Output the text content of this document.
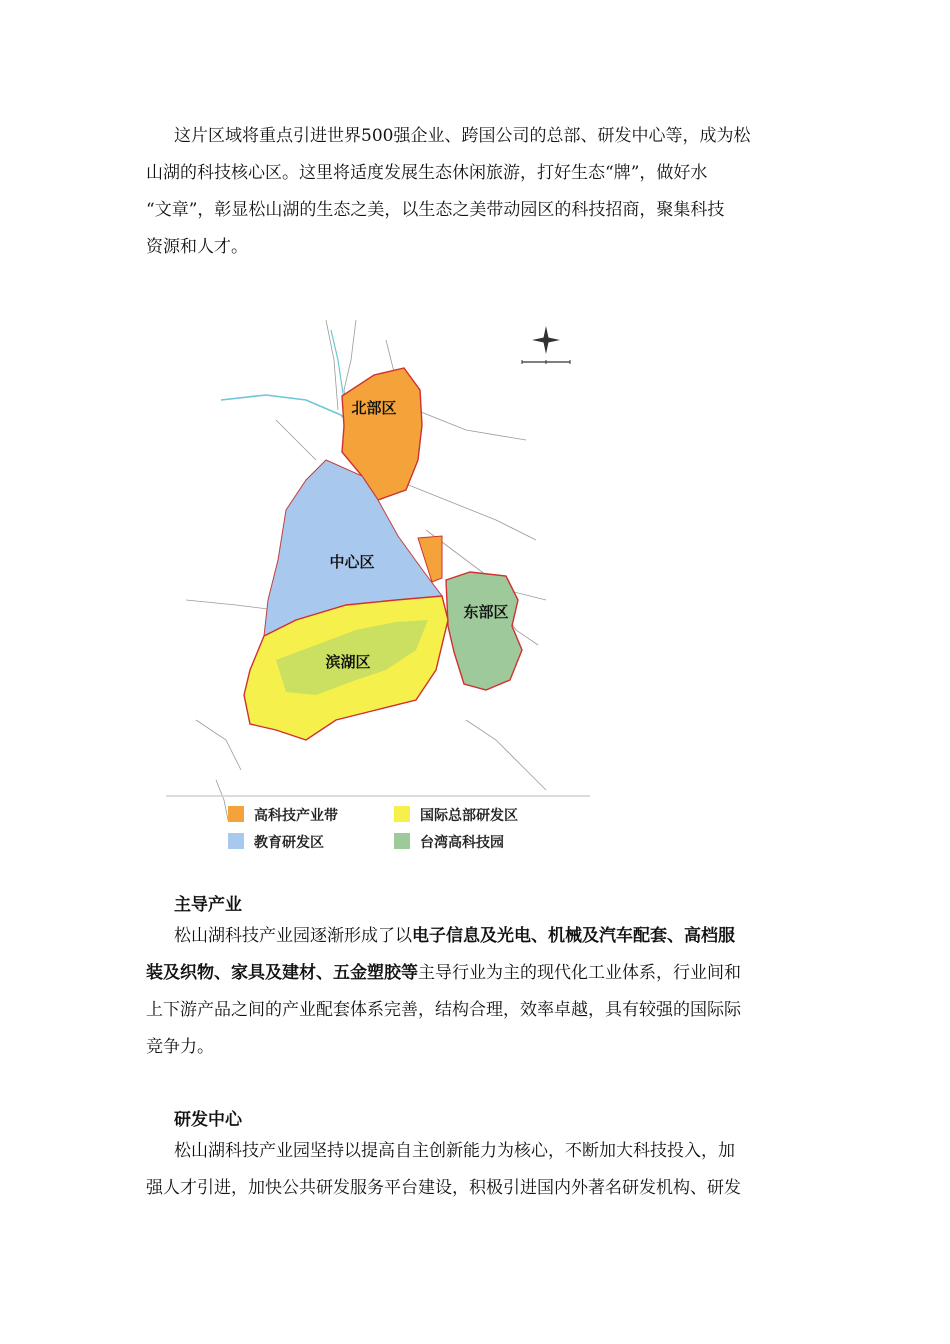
这片区域将重点引进世界500强企业、跨国公司的总部、研发中心等，成为松
山湖的科技核心区。这里将适度发展生态休闲旅游，打好生态“牌”，做好水
“文章”，彰显松山湖的生态之美，以生态之美带动园区的科技招商，聚集科技
资源和人才。
北部区
中心区
东部区
滨湖区
高科技产业带	国际总部研发区
教育研发区	台湾高科技园
主导产业
松山湖科技产业园逐渐形成了以电子信息及光电、机械及汽车配套、高档服
装及织物、家具及建材、五金塑胶等主导行业为主的现代化工业体系，行业间和
上下游产品之间的产业配套体系完善，结构合理，效率卓越，具有较强的国际际
竞争力。
研发中心
松山湖科技产业园坚持以提高自主创新能力为核心，不断加大科技投入，加
强人才引进，加快公共研发服务平台建设，积极引进国内外著名研发机构、研发
